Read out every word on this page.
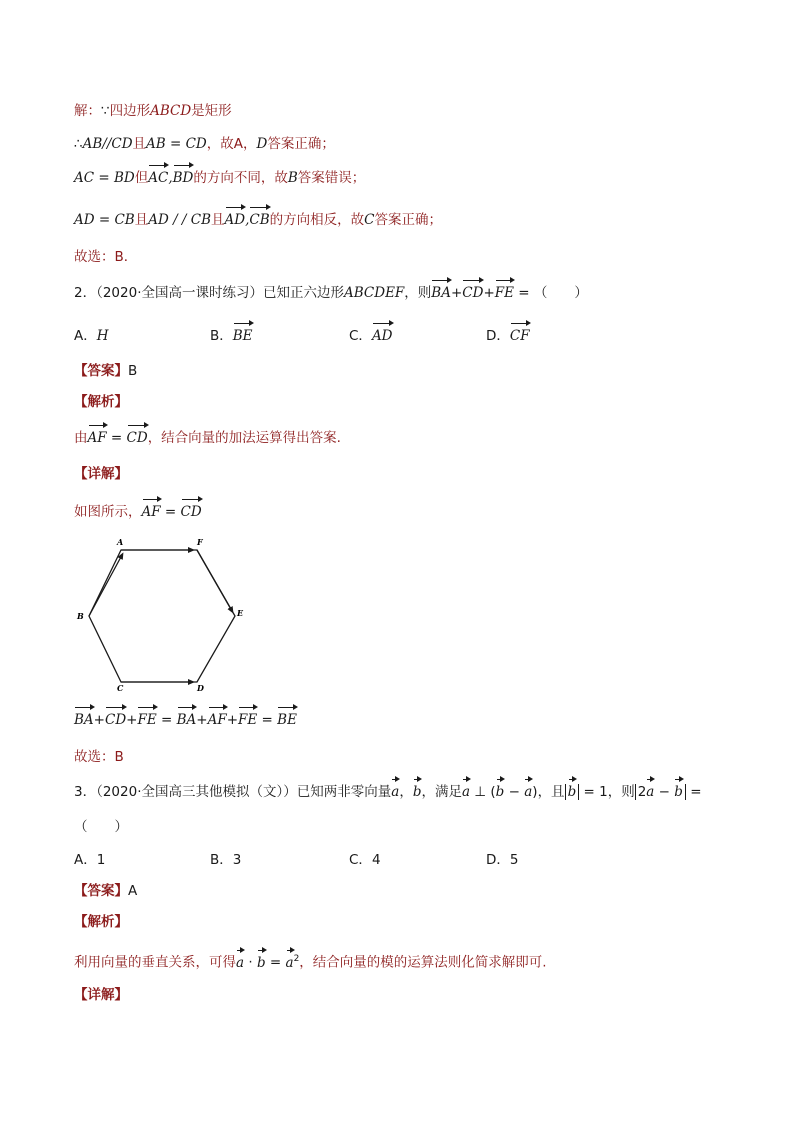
解：∵四边形ABCD是矩形
∴AB//CD且AB = CD，故A，D答案正确；
AC = BD但AC,BD的方向不同，故B答案错误；
AD = CB且AD / / CB且AD,CB的方向相反，故C答案正确；
故选：B．
2．（2020·全国高一课时练习）已知正六边形ABCDEF，则BA+CD+FE = （　　）
A．H	B．BE	C．AD	D．CF
【答案】B
【解析】
由AF = CD，结合向量的加法运算得出答案.
【详解】
如图所示，AF = CD
A	F
B	E
C	D
BA+CD+FE = BA+AF+FE = BE
故选：B
3．（2020·全国高三其他模拟（文））已知两非零向量a，b，满足a ⊥ (b − a)，且 b = 1，则 2a − b =
（　　）
A．1	B．3	C．4	D．5
【答案】A
【解析】
利用向量的垂直关系，可得$a \cdot b = a^2$，结合向量的模的运算法则化简求解即可.
【详解】
